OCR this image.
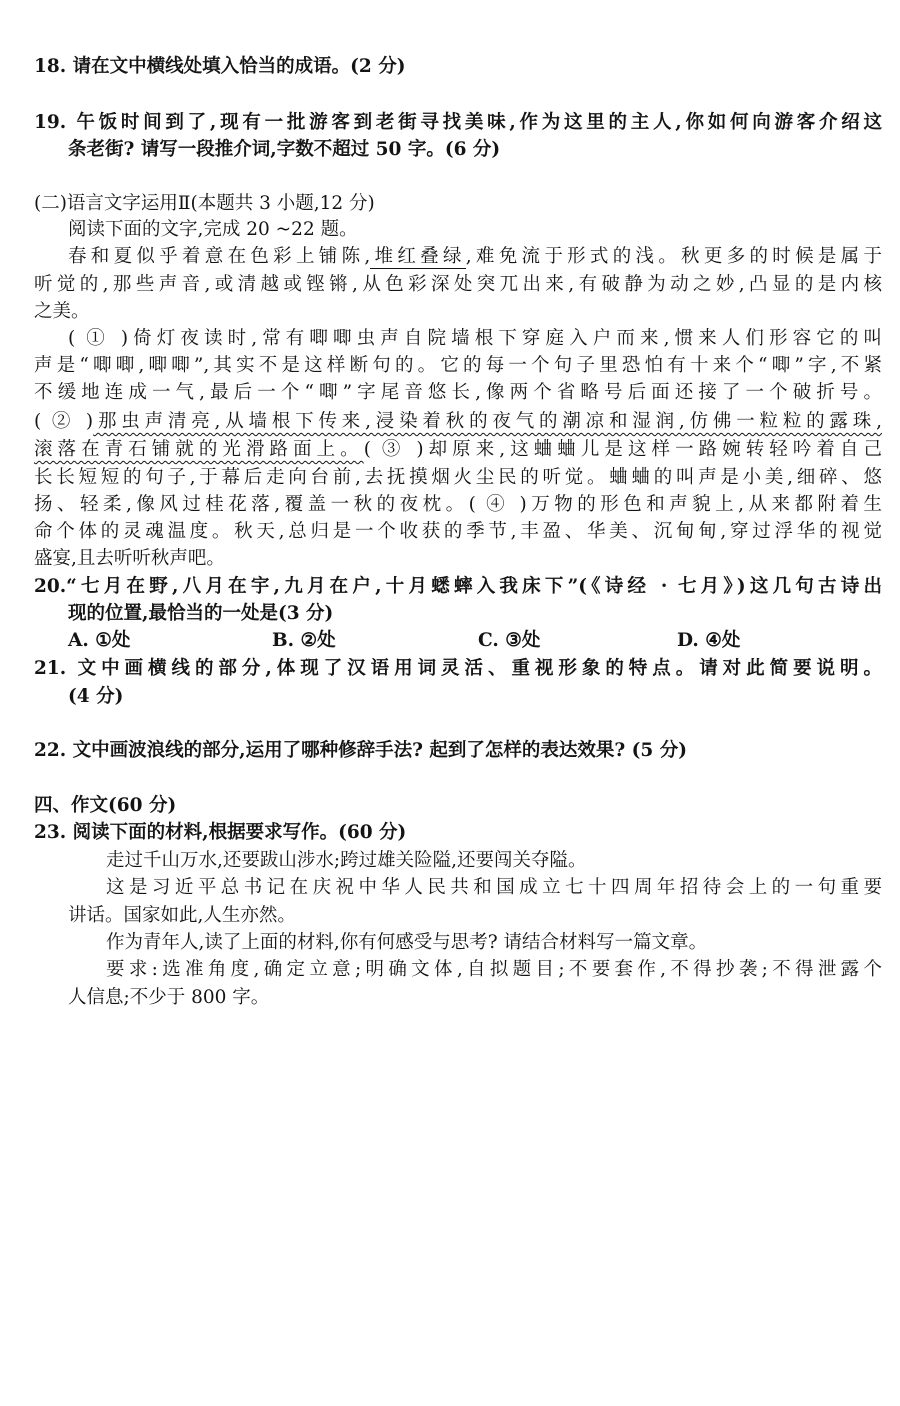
18. 请在文中横线处填入恰当的成语。(2 分)
19. 午饭时间到了,现有一批游客到老街寻找美味,作为这里的主人,你如何向游客介绍这
条老街? 请写一段推介词,字数不超过 50 字。(6 分)
(二)语言文字运用Ⅱ(本题共 3 小题,12 分)
阅读下面的文字,完成 20 ~22 题。
春和夏似乎着意在色彩上铺陈,堆红叠绿,难免流于形式的浅。秋更多的时候是属于
听觉的,那些声音,或清越或铿锵,从色彩深处突兀出来,有破静为动之妙,凸显的是内核
之美。
( ① )倚灯夜读时,常有唧唧虫声自院墙根下穿庭入户而来,惯来人们形容它的叫
声是“唧唧,唧唧”,其实不是这样断句的。它的每一个句子里恐怕有十来个“唧”字,不紧
不缓地连成一气,最后一个“唧”字尾音悠长,像两个省略号后面还接了一个破折号。
( ② )那虫声清亮,从墙根下传来,浸染着秋的夜气的潮凉和湿润,仿佛一粒粒的露珠,
滚落在青石铺就的光滑路面上。( ③ )却原来,这蛐蛐儿是这样一路婉转轻吟着自己
长长短短的句子,于幕后走向台前,去抚摸烟火尘民的听觉。蛐蛐的叫声是小美,细碎、悠
扬、轻柔,像风过桂花落,覆盖一秋的夜枕。( ④ )万物的形色和声貌上,从来都附着生
命个体的灵魂温度。秋天,总归是一个收获的季节,丰盈、华美、沉甸甸,穿过浮华的视觉
盛宴,且去听听秋声吧。
20.“七月在野,八月在宇,九月在户,十月蟋蟀入我床下”(《诗经 · 七月》)这几句古诗出
现的位置,最恰当的一处是(3 分)
A. ①处	B. ②处	C. ③处	D. ④处
21. 文中画横线的部分,体现了汉语用词灵活、重视形象的特点。请对此简要说明。
(4 分)
22. 文中画波浪线的部分,运用了哪种修辞手法? 起到了怎样的表达效果? (5 分)
四、作文(60 分)
23. 阅读下面的材料,根据要求写作。(60 分)
走过千山万水,还要跋山涉水;跨过雄关险隘,还要闯关夺隘。
这是习近平总书记在庆祝中华人民共和国成立七十四周年招待会上的一句重要
讲话。国家如此,人生亦然。
作为青年人,读了上面的材料,你有何感受与思考? 请结合材料写一篇文章。
要求:选准角度,确定立意;明确文体,自拟题目;不要套作,不得抄袭;不得泄露个
人信息;不少于 800 字。
